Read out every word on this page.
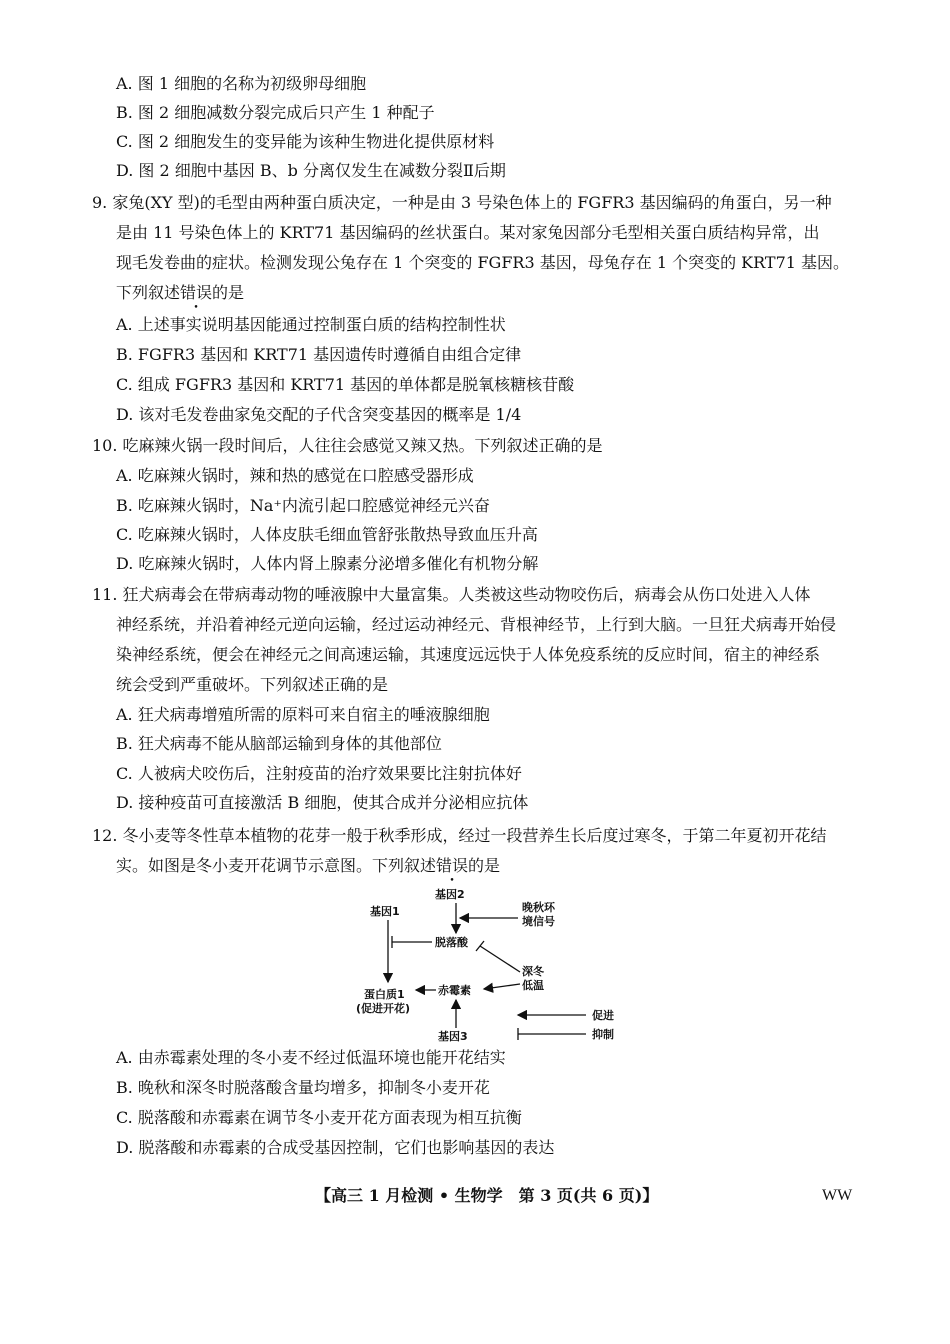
A. 图 1 细胞的名称为初级卵母细胞
B. 图 2 细胞减数分裂完成后只产生 1 种配子
C. 图 2 细胞发生的变异能为该种生物进化提供原材料
D. 图 2 细胞中基因 B、b 分离仅发生在减数分裂Ⅱ后期
9. 家兔(XY 型)的毛型由两种蛋白质决定，一种是由 3 号染色体上的 FGFR3 基因编码的角蛋白，另一种
是由 11 号染色体上的 KRT71 基因编码的丝状蛋白。某对家兔因部分毛型相关蛋白质结构异常，出
现毛发卷曲的症状。检测发现公兔存在 1 个突变的 FGFR3 基因，母兔存在 1 个突变的 KRT71 基因。
下列叙述错误的是
A. 上述事实说明基因能通过控制蛋白质的结构控制性状
B. FGFR3 基因和 KRT71 基因遗传时遵循自由组合定律
C. 组成 FGFR3 基因和 KRT71 基因的单体都是脱氧核糖核苷酸
D. 该对毛发卷曲家兔交配的子代含突变基因的概率是 1/4
10. 吃麻辣火锅一段时间后，人往往会感觉又辣又热。下列叙述正确的是
A. 吃麻辣火锅时，辣和热的感觉在口腔感受器形成
B. 吃麻辣火锅时，Na⁺内流引起口腔感觉神经元兴奋
C. 吃麻辣火锅时，人体皮肤毛细血管舒张散热导致血压升高
D. 吃麻辣火锅时，人体内肾上腺素分泌增多催化有机物分解
11. 狂犬病毒会在带病毒动物的唾液腺中大量富集。人类被这些动物咬伤后，病毒会从伤口处进入人体
神经系统，并沿着神经元逆向运输，经过运动神经元、背根神经节，上行到大脑。一旦狂犬病毒开始侵
染神经系统，便会在神经元之间高速运输，其速度远远快于人体免疫系统的反应时间，宿主的神经系
统会受到严重破坏。下列叙述正确的是
A. 狂犬病毒增殖所需的原料可来自宿主的唾液腺细胞
B. 狂犬病毒不能从脑部运输到身体的其他部位
C. 人被病犬咬伤后，注射疫苗的治疗效果要比注射抗体好
D. 接种疫苗可直接激活 B 细胞，使其合成并分泌相应抗体
12. 冬小麦等冬性草本植物的花芽一般于秋季形成，经过一段营养生长后度过寒冬，于第二年夏初开花结
实。如图是冬小麦开花调节示意图。下列叙述错误的是
基因2
基因1
脱落酸
晚秋环
境信号
深冬
低温
赤霉素
蛋白质1
(促进开花)
基因3
促进
抑制
A. 由赤霉素处理的冬小麦不经过低温环境也能开花结实
B. 晚秋和深冬时脱落酸含量均增多，抑制冬小麦开花
C. 脱落酸和赤霉素在调节冬小麦开花方面表现为相互抗衡
D. 脱落酸和赤霉素的合成受基因控制，它们也影响基因的表达
【高三 1 月检测 • 生物学　第 3 页(共 6 页)】	WW
